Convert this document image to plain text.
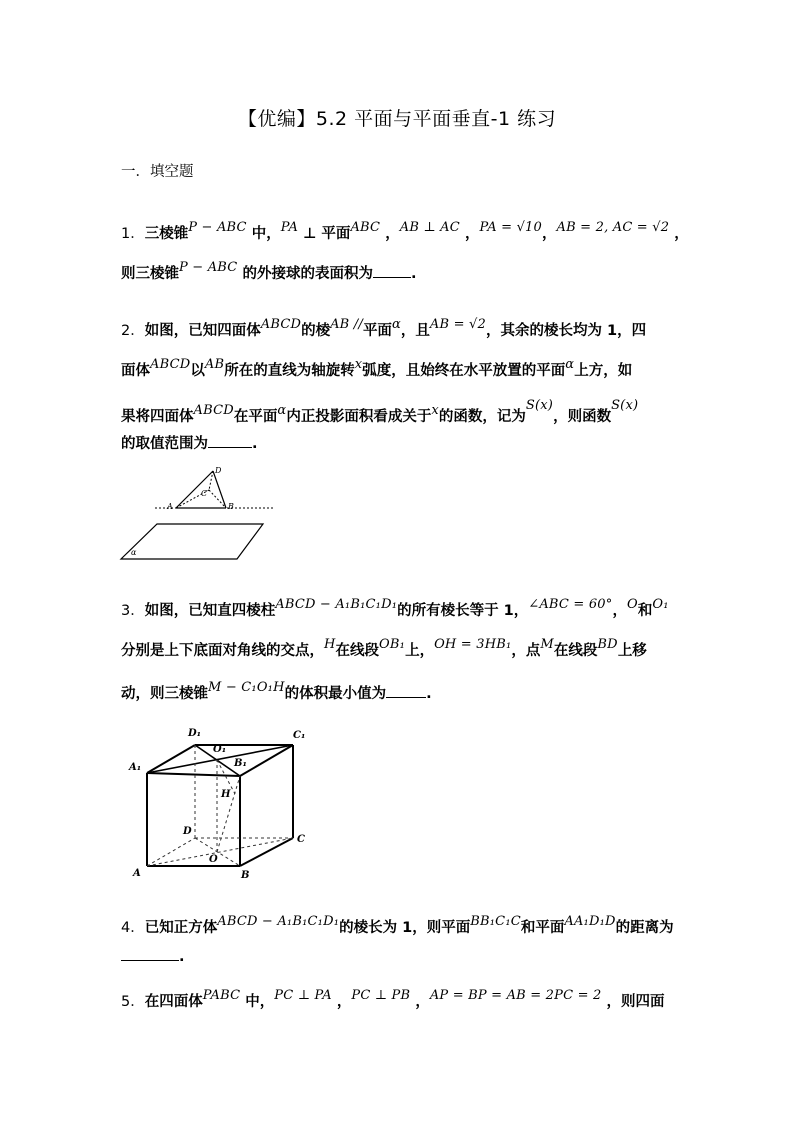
【优编】5.2 平面与平面垂直-1 练习
一．填空题
1．三棱锥P − ABC 中，PA ⊥ 平面ABC ，AB ⊥ AC ，PA = √10，AB = 2, AC = √2 ，
则三棱锥P − ABC 的外接球的表面积为	.
2．如图，已知四面体ABCD的棱AB //平面α，且AB = √2，其余的棱长均为 1，四
面体ABCD以AB所在的直线为轴旋转x弧度，且始终在水平放置的平面α上方，如
果将四面体ABCD在平面α内正投影面积看成关于x的函数，记为S(x)，则函数S(x)
的取值范围为	.
D
C
A	B
α
3．如图，已知直四棱柱ABCD − A₁B₁C₁D₁的所有棱长等于 1，∠ABC = 60°，O和O₁
分别是上下底面对角线的交点，H在线段OB₁上，OH = 3HB₁，点M在线段BD上移
动，则三棱锥M − C₁O₁H的体积最小值为	.
D₁
O₁
C₁
A₁	B₁
H
D
C
O
A	B
4．已知正方体ABCD − A₁B₁C₁D₁的棱长为 1，则平面BB₁C₁C和平面AA₁D₁D的距离为
.
5．在四面体PABC 中，PC ⊥ PA ，PC ⊥ PB ，AP = BP = AB = 2PC = 2 ，则四面
